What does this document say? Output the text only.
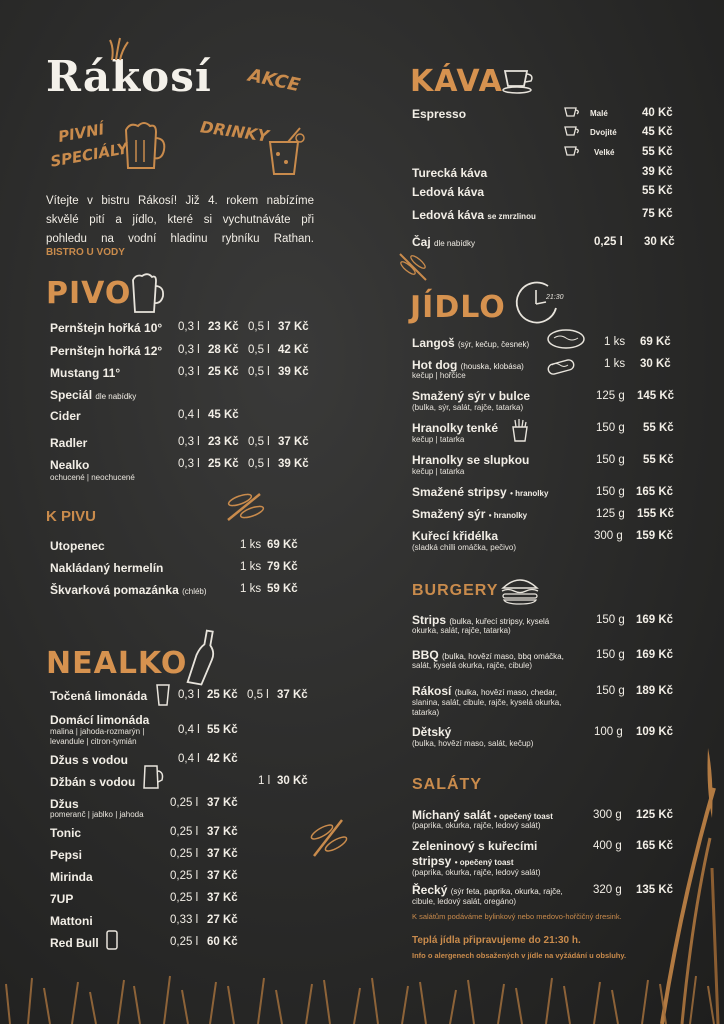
Rákosí AKCE
PIVNÍ
SPECIÁLY
DRINKY
Vítejte v bistru Rákosí! Již 4. rokem nabízíme
skvělé pití a jídlo, které si vychutnáváte při
pohledu na vodní hladinu rybníku Rathan.
BISTRO U VODY
PIVO
Pernštejn hořká 10° 0,3 l 23 Kč 0,5 l 37 Kč
Pernštejn hořká 12° 0,3 l 28 Kč 0,5 l 42 Kč
Mustang 11°	0,3 l 25 Kč 0,5 l 39 Kč
Speciál dle nabídky
Cider	0,4 l 45 Kč
Radler	0,3 l 23 Kč 0,5 l 37 Kč
Nealko
ochucené | neochucené
0,3 l 25 Kč 0,5 l 39 Kč
K PIVU
Utopenec	1 ks 69 Kč
Nakládaný hermelín	1 ks 79 Kč
Škvarková pomazánka (chléb)	1 ks 59 Kč
NEALKO
Točená limonáda	0,3 l 25 Kč 0,5 l 37 Kč
Domácí limonáda
malina | jahoda-rozmarýn |
levandule | citron-tymián
0,4 l 55 Kč
Džus s vodou	0,4 l 42 Kč
Džbán s vodou	1 l 30 Kč
Džus
pomeranč | jablko | jahoda
0,25 l 37 Kč
Tonic	0,25 l 37 Kč
Pepsi	0,25 l 37 Kč
Mirinda	0,25 l 37 Kč
7UP	0,25 l 37 Kč
Mattoni	0,33 l 27 Kč
Red Bull	0,25 l 60 Kč
KÁVA
Espresso	Malé	40 Kč
Dvojité 45 Kč
Velké 55 Kč
Turecká káva	39 Kč
Ledová káva	55 Kč
Ledová káva se zmrzlinou	75 Kč
Čaj dle nabídky	0,25 l 30 Kč
JÍDLO	21:30
Langoš (sýr, kečup, česnek)	1 ks 69 Kč
Hot dog (houska, klobása)
kečup | hořčice
1 ks 30 Kč
Smažený sýr v bulce
(bulka, sýr, salát, rajče, tatarka)
125 g 145 Kč
Hranolky tenké
kečup | tatarka
150 g 55 Kč
Hranolky se slupkou
kečup | tatarka
150 g 55 Kč
Smažené stripsy • hranolky	150 g 165 Kč
Smažený sýr • hranolky	125 g 155 Kč
Kuřecí křidélka
(sladká chilli omáčka, pečivo)
300 g 159 Kč
BURGERY
Strips (bulka, kuřecí stripsy, kyselá
okurka, salát, rajče, tatarka)
150 g 169 Kč
BBQ (bulka, hovězí maso, bbq omáčka,
salát, kyselá okurka, rajče, cibule)
150 g 169 Kč
Rákosí (bulka, hovězí maso, chedar,
slanina, salát, cibule, rajče, kyselá okurka,
tatarka)
150 g 189 Kč
Dětský
(bulka, hovězí maso, salát, kečup)
100 g 109 Kč
SALÁTY
Míchaný salát • opečený toast
(paprika, okurka, rajče, ledový salát)
300 g 125 Kč
Zeleninový s kuřecími
stripsy • opečený toast
(paprika, okurka, rajče, ledový salát)
400 g 165 Kč
Řecký (sýr feta, paprika, okurka, rajče,
cibule, ledový salát, oregáno)
320 g 135 Kč
K salátům podáváme bylinkový nebo medovo-hořčičný dresink.
Teplá jídla připravujeme do 21:30 h.
Info o alergenech obsažených v jídle na vyžádání u obsluhy.
